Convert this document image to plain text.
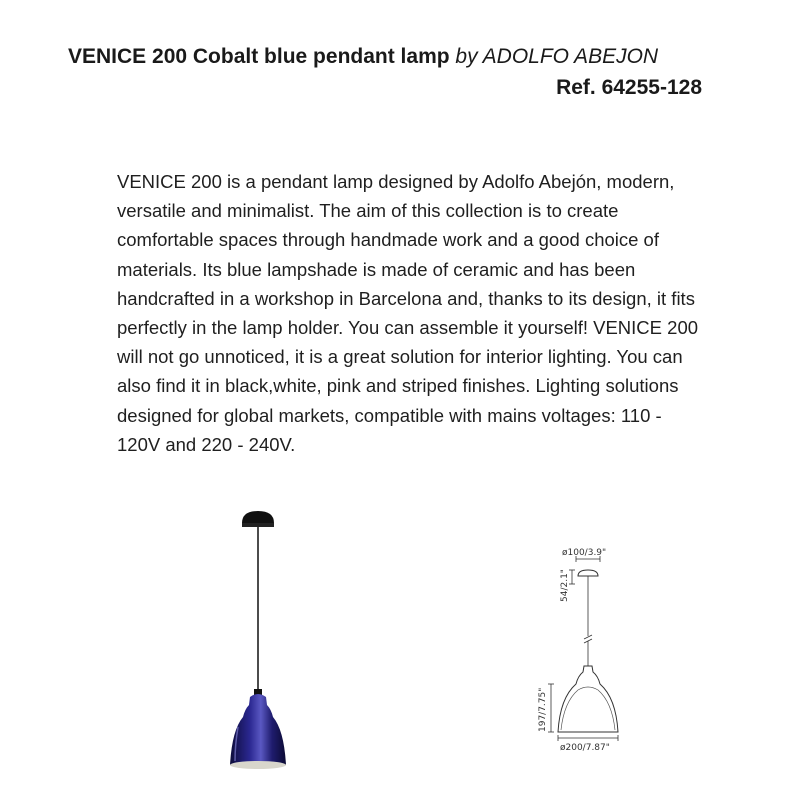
VENICE 200 Cobalt blue pendant lamp by ADOLFO ABEJON
Ref. 64255-128
VENICE 200 is a pendant lamp designed by Adolfo Abejón, modern, versatile and minimalist. The aim of this collection is to create comfortable spaces through handmade work and a good choice of materials. Its blue lampshade is made of ceramic and has been handcrafted in a workshop in Barcelona and, thanks to its design, it fits perfectly in the lamp holder. You can assemble it yourself! VENICE 200 will not go unnoticed, it is a great solution for interior lighting. You can also find it in black,white, pink and striped finishes. Lighting solutions designed for global markets, compatible with mains voltages: 110 - 120V and 220 - 240V.
ø100/3.9"
54/2.1"
197/7.75"
ø200/7.87"
